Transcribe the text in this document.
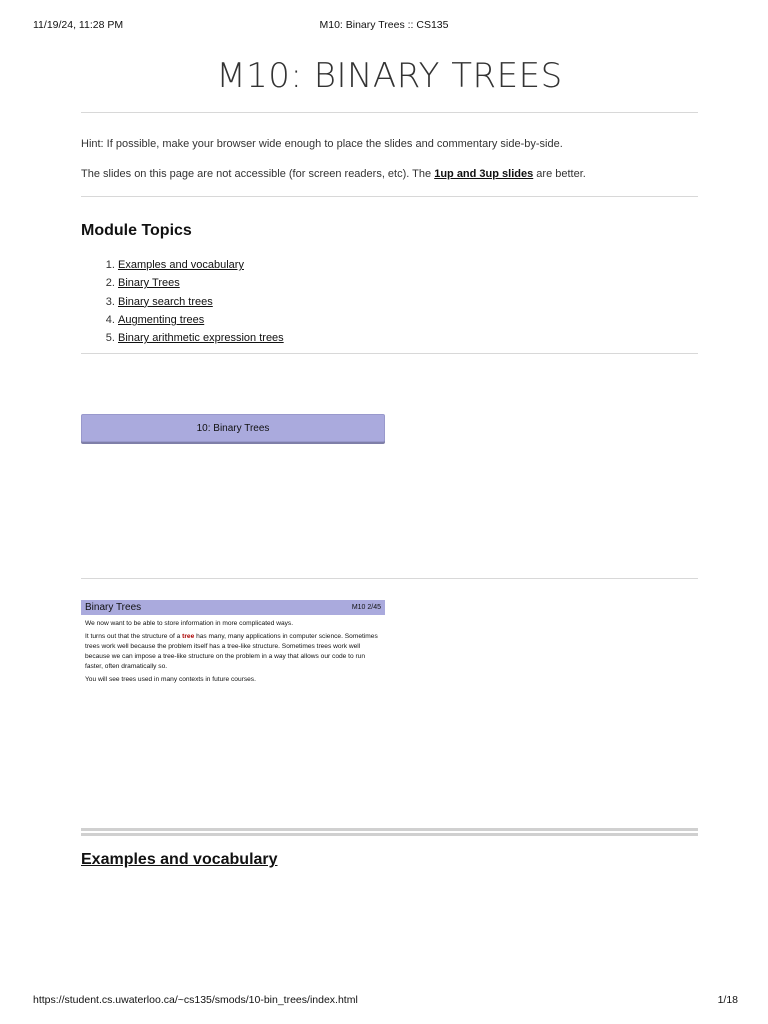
11/19/24, 11:28 PM	M10: Binary Trees :: CS135
M10: BINARY TREES

Hint: If possible, make your browser wide enough to place the slides and commentary side-by-side.

The slides on this page are not accessible (for screen readers, etc). The 1up and 3up slides are better.

Module Topics
1. Examples and vocabulary
2. Binary Trees
3. Binary search trees
4. Augmenting trees
5. Binary arithmetic expression trees
10: Binary Trees
Binary Trees	M10 2/45

We now want to be able to store information in more complicated ways.

It turns out that the structure of a tree has many, many applications in computer science. Sometimes trees work well because the problem itself has a tree-like structure. Sometimes trees work well because we can impose a tree-like structure on the problem in a way that allows our code to run faster, often dramatically so.

You will see trees used in many contexts in future courses.

Examples and vocabulary
https://student.cs.uwaterloo.ca/~cs135/smods/10-bin_trees/index.html	1/18
